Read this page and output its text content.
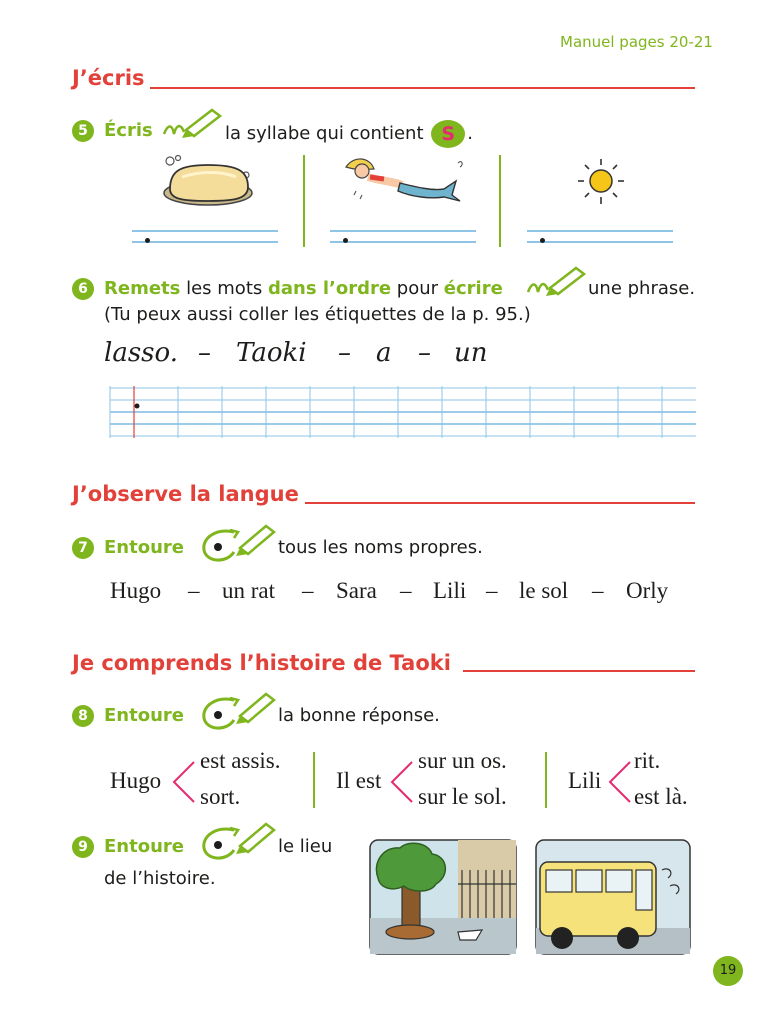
Manuel pages 20-21
J’écris
5 Écris	la syllabe qui contient S .
6 Remets les mots dans l’ordre pour écrire	une phrase.
(Tu peux aussi coller les étiquettes de la p. 95.)
lasso. – Taoki – a – un
J’observe la langue
7 Entoure	tous les noms propres.
Hugo – un rat – Sara – Lili – le sol – Orly
Je comprends l’histoire de Taoki
8 Entoure	la bonne réponse.
Hugo
est assis.
sort.
Il est
sur un os.
sur le sol.
Lili
rit.
est là.
9 Entoure	le lieu
de l’histoire.
19
